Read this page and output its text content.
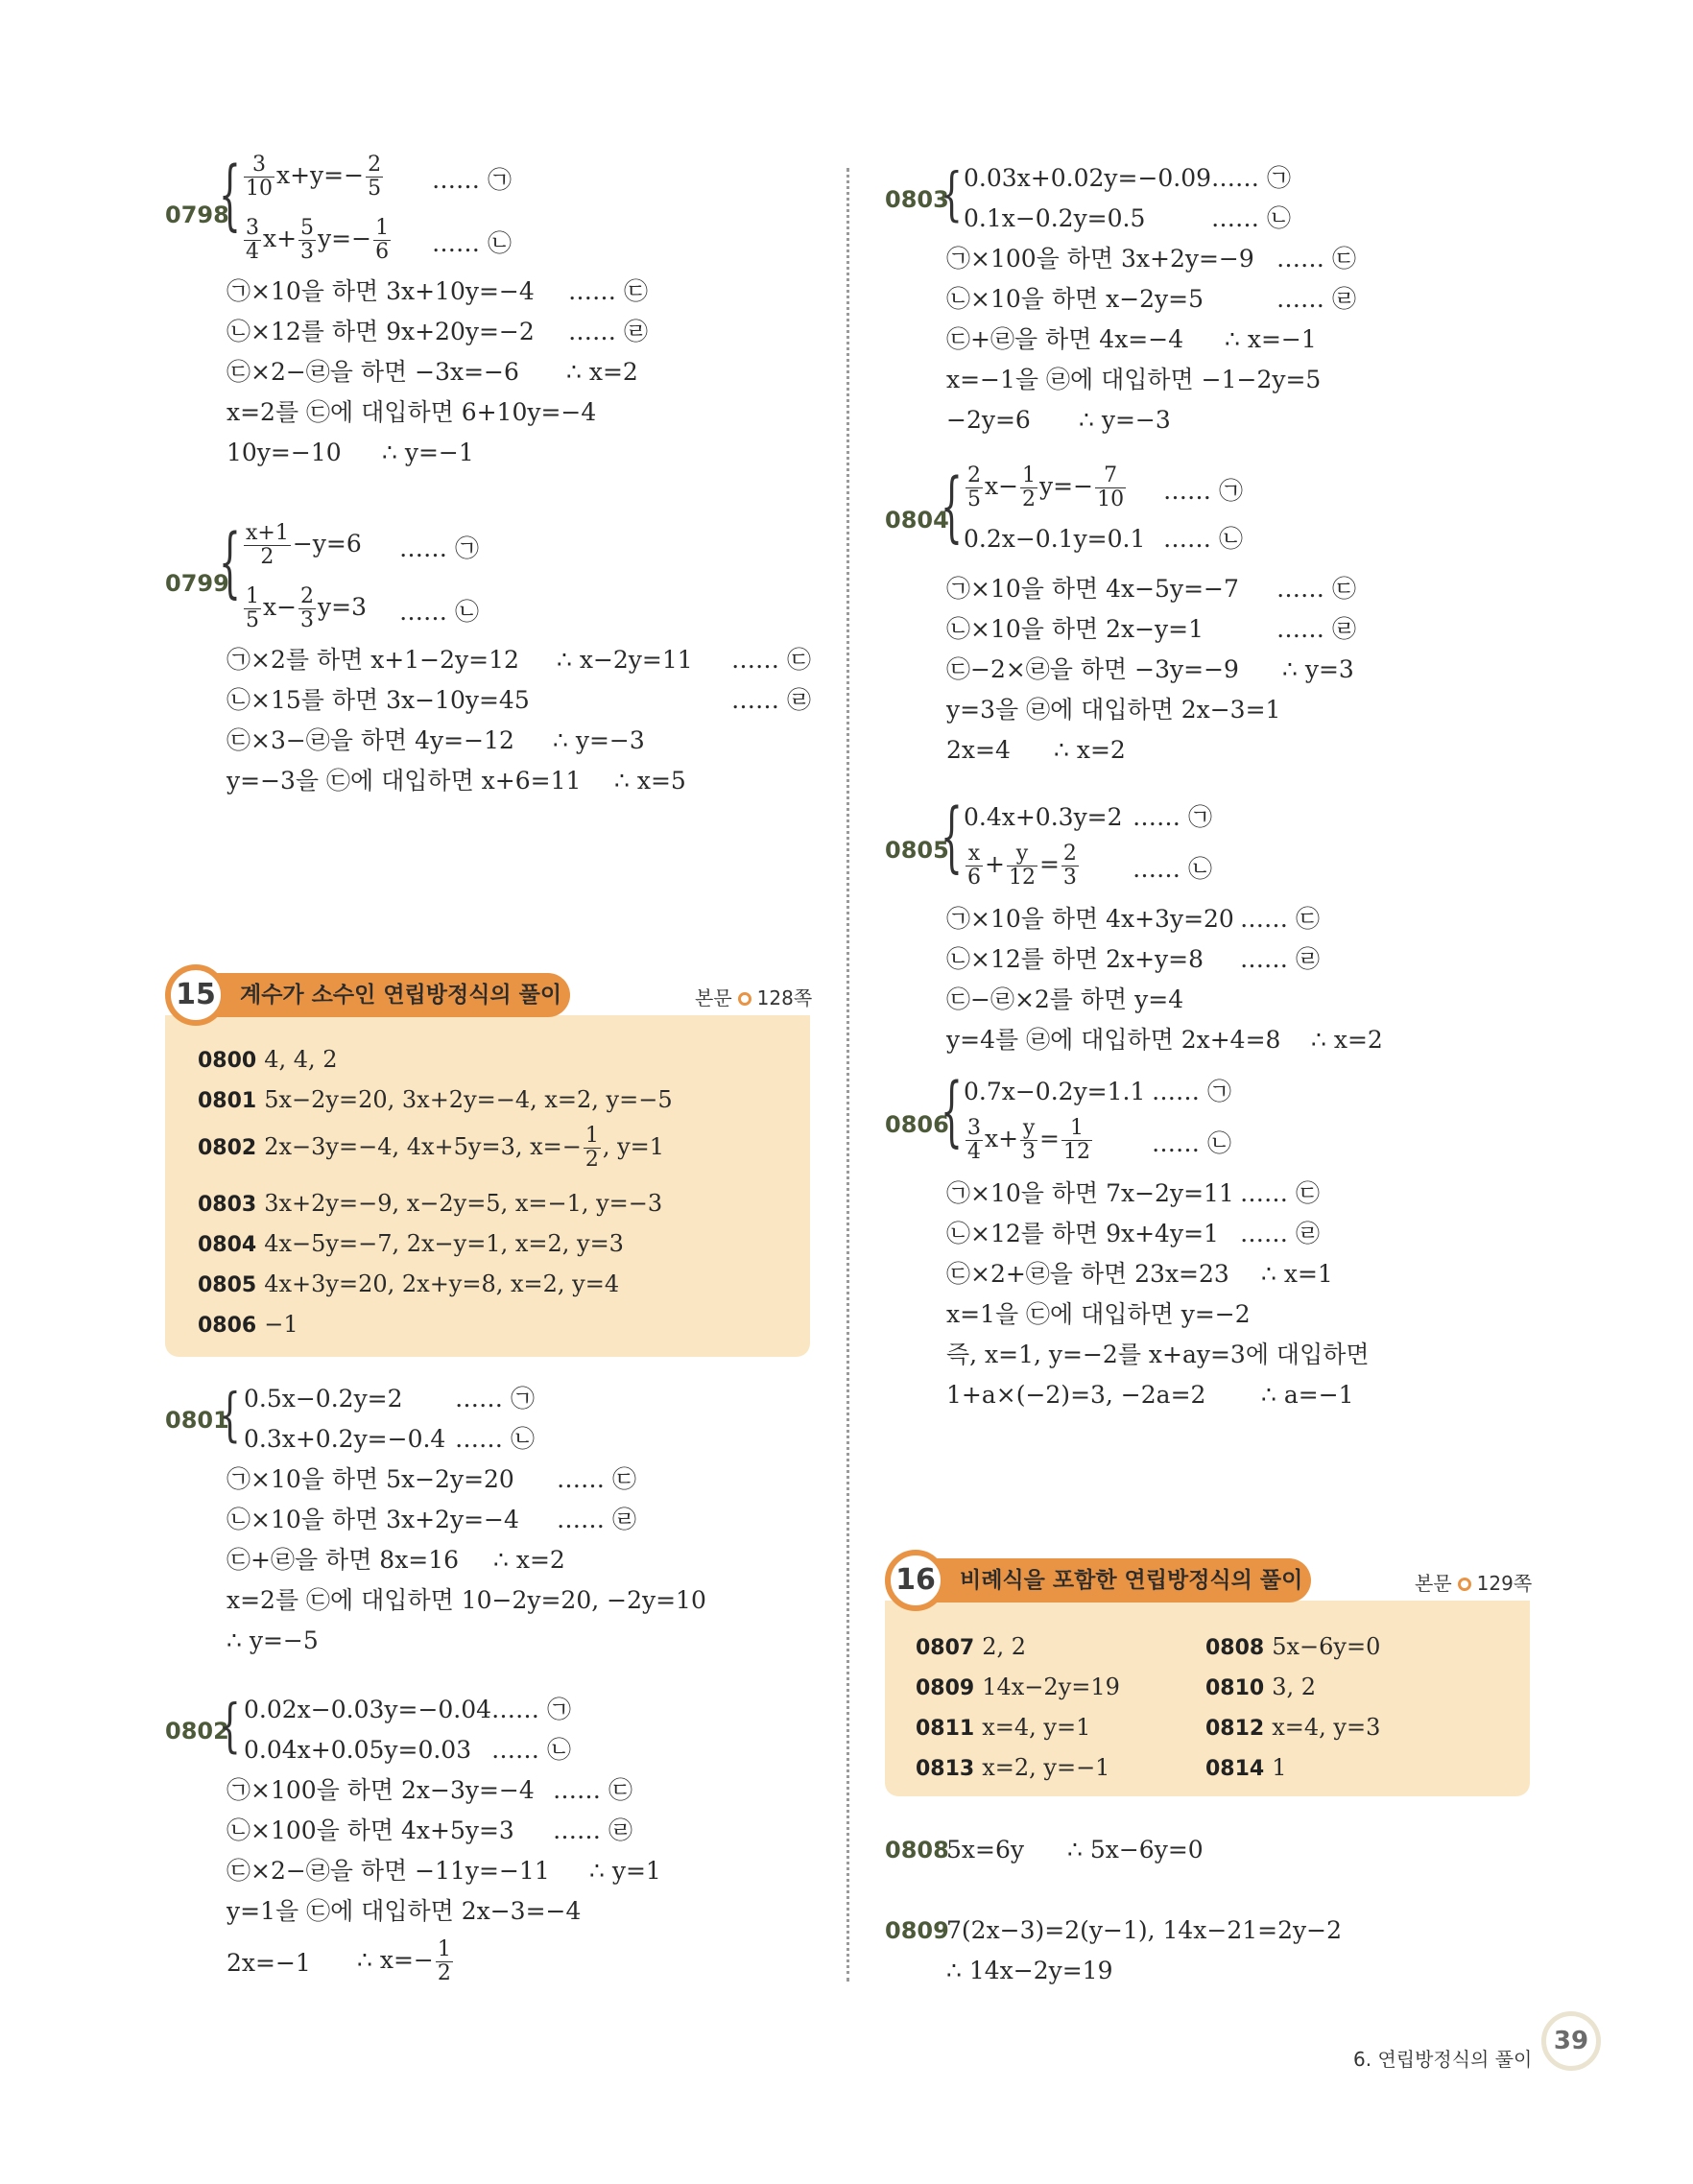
0798
{ $\frac{3}{10} x+y=- \frac{2}{5}$ …… ㉠
$\frac{3}{4} x+ \frac{5}{3} y=- \frac{1}{6}$ …… ㉡
㉠×10을 하면 3x+10y=−4 …… ㉢
㉡×12를 하면 9x+20y=−2 …… ㉣
㉢×2−㉣을 하면 −3x=−6 ∴ x=2
x=2를 ㉢에 대입하면 6+10y=−4
10y=−10 ∴ y=−1
0799
{ $\frac{x+1}{2} -y=6$ …… ㉠
$\frac{1}{5} x- \frac{2}{3} y=3$ …… ㉡
㉠×2를 하면 x+1−2y=12 ∴ x−2y=11 …… ㉢
㉡×15를 하면 3x−10y=45	…… ㉣
㉢×3−㉣을 하면 4y=−12 ∴ y=−3
y=−3을 ㉢에 대입하면 x+6=11 ∴ x=5
계수가 소수인 연립방정식의 풀이
15	본문 128쪽
0800 4, 4, 2
0801 5x−2y=20, 3x+2y=−4, x=2, y=−5
0802 2x−3y=−4, 4x+5y=3, $x=- \frac{1}{2}$ , y=1
0803 3x+2y=−9, x−2y=5, x=−1, y=−3
0804 4x−5y=−7, 2x−y=1, x=2, y=3
0805 4x+3y=20, 2x+y=8, x=2, y=4
0806 −1
0801
{ 0.5x−0.2y=2 …… ㉠
0.3x+0.2y=−0.4 …… ㉡
㉠×10을 하면 5x−2y=20 …… ㉢
㉡×10을 하면 3x+2y=−4 …… ㉣
㉢+㉣을 하면 8x=16 ∴ x=2
x=2를 ㉢에 대입하면 10−2y=20, −2y=10
∴ y=−5
0802
{ 0.02x−0.03y=−0.04 …… ㉠
0.04x+0.05y=0.03 …… ㉡
㉠×100을 하면 2x−3y=−4 …… ㉢
㉡×100을 하면 4x+5y=3 …… ㉣
㉢×2−㉣을 하면 −11y=−11 ∴ y=1
y=1을 ㉢에 대입하면 2x−3=−4
2x=−1 ∴ $x=- \frac{1}{2}$
0803
{ 0.03x+0.02y=−0.09 …… ㉠
0.1x−0.2y=0.5	…… ㉡
㉠×100을 하면 3x+2y=−9 …… ㉢
㉡×10을 하면 x−2y=5	…… ㉣
㉢+㉣을 하면 4x=−4 ∴ x=−1
x=−1을 ㉣에 대입하면 −1−2y=5
−2y=6 ∴ y=−3
0804
{ $\frac{2}{5} x- \frac{1}{2} y=- \frac{7}{10}$ …… ㉠
0.2x−0.1y=0.1 …… ㉡
㉠×10을 하면 4x−5y=−7 …… ㉢
㉡×10을 하면 2x−y=1	…… ㉣
㉢−2×㉣을 하면 −3y=−9 ∴ y=3
y=3을 ㉣에 대입하면 2x−3=1
2x=4 ∴ x=2
0805
{ 0.4x+0.3y=2 …… ㉠
$\frac{x}{6} + \frac{y}{12} = \frac{2}{3}$ …… ㉡
㉠×10을 하면 4x+3y=20 …… ㉢
㉡×12를 하면 2x+y=8 …… ㉣
㉢−㉣×2를 하면 y=4
y=4를 ㉣에 대입하면 2x+4=8 ∴ x=2
0806
{ 0.7x−0.2y=1.1 …… ㉠
$\frac{3}{4} x+ \frac{y}{3} = \frac{1}{12}$ …… ㉡
㉠×10을 하면 7x−2y=11 …… ㉢
㉡×12를 하면 9x+4y=1 …… ㉣
㉢×2+㉣을 하면 23x=23 ∴ x=1
x=1을 ㉢에 대입하면 y=−2
즉, x=1, y=−2를 x+ay=3에 대입하면
1+a×(−2)=3, −2a=2 ∴ a=−1
비례식을 포함한 연립방정식의 풀이
16	본문 129쪽
0807 2, 2	0808 5x−6y=0
0809 14x−2y=19	0810 3, 2
0811 x=4, y=1	0812 x=4, y=3
0813 x=2, y=−1	0814 1
0808
5x=6y ∴ 5x−6y=0
0809
7(2x−3)=2(y−1), 14x−21=2y−2
∴ 14x−2y=19
6. 연립방정식의 풀이
39
